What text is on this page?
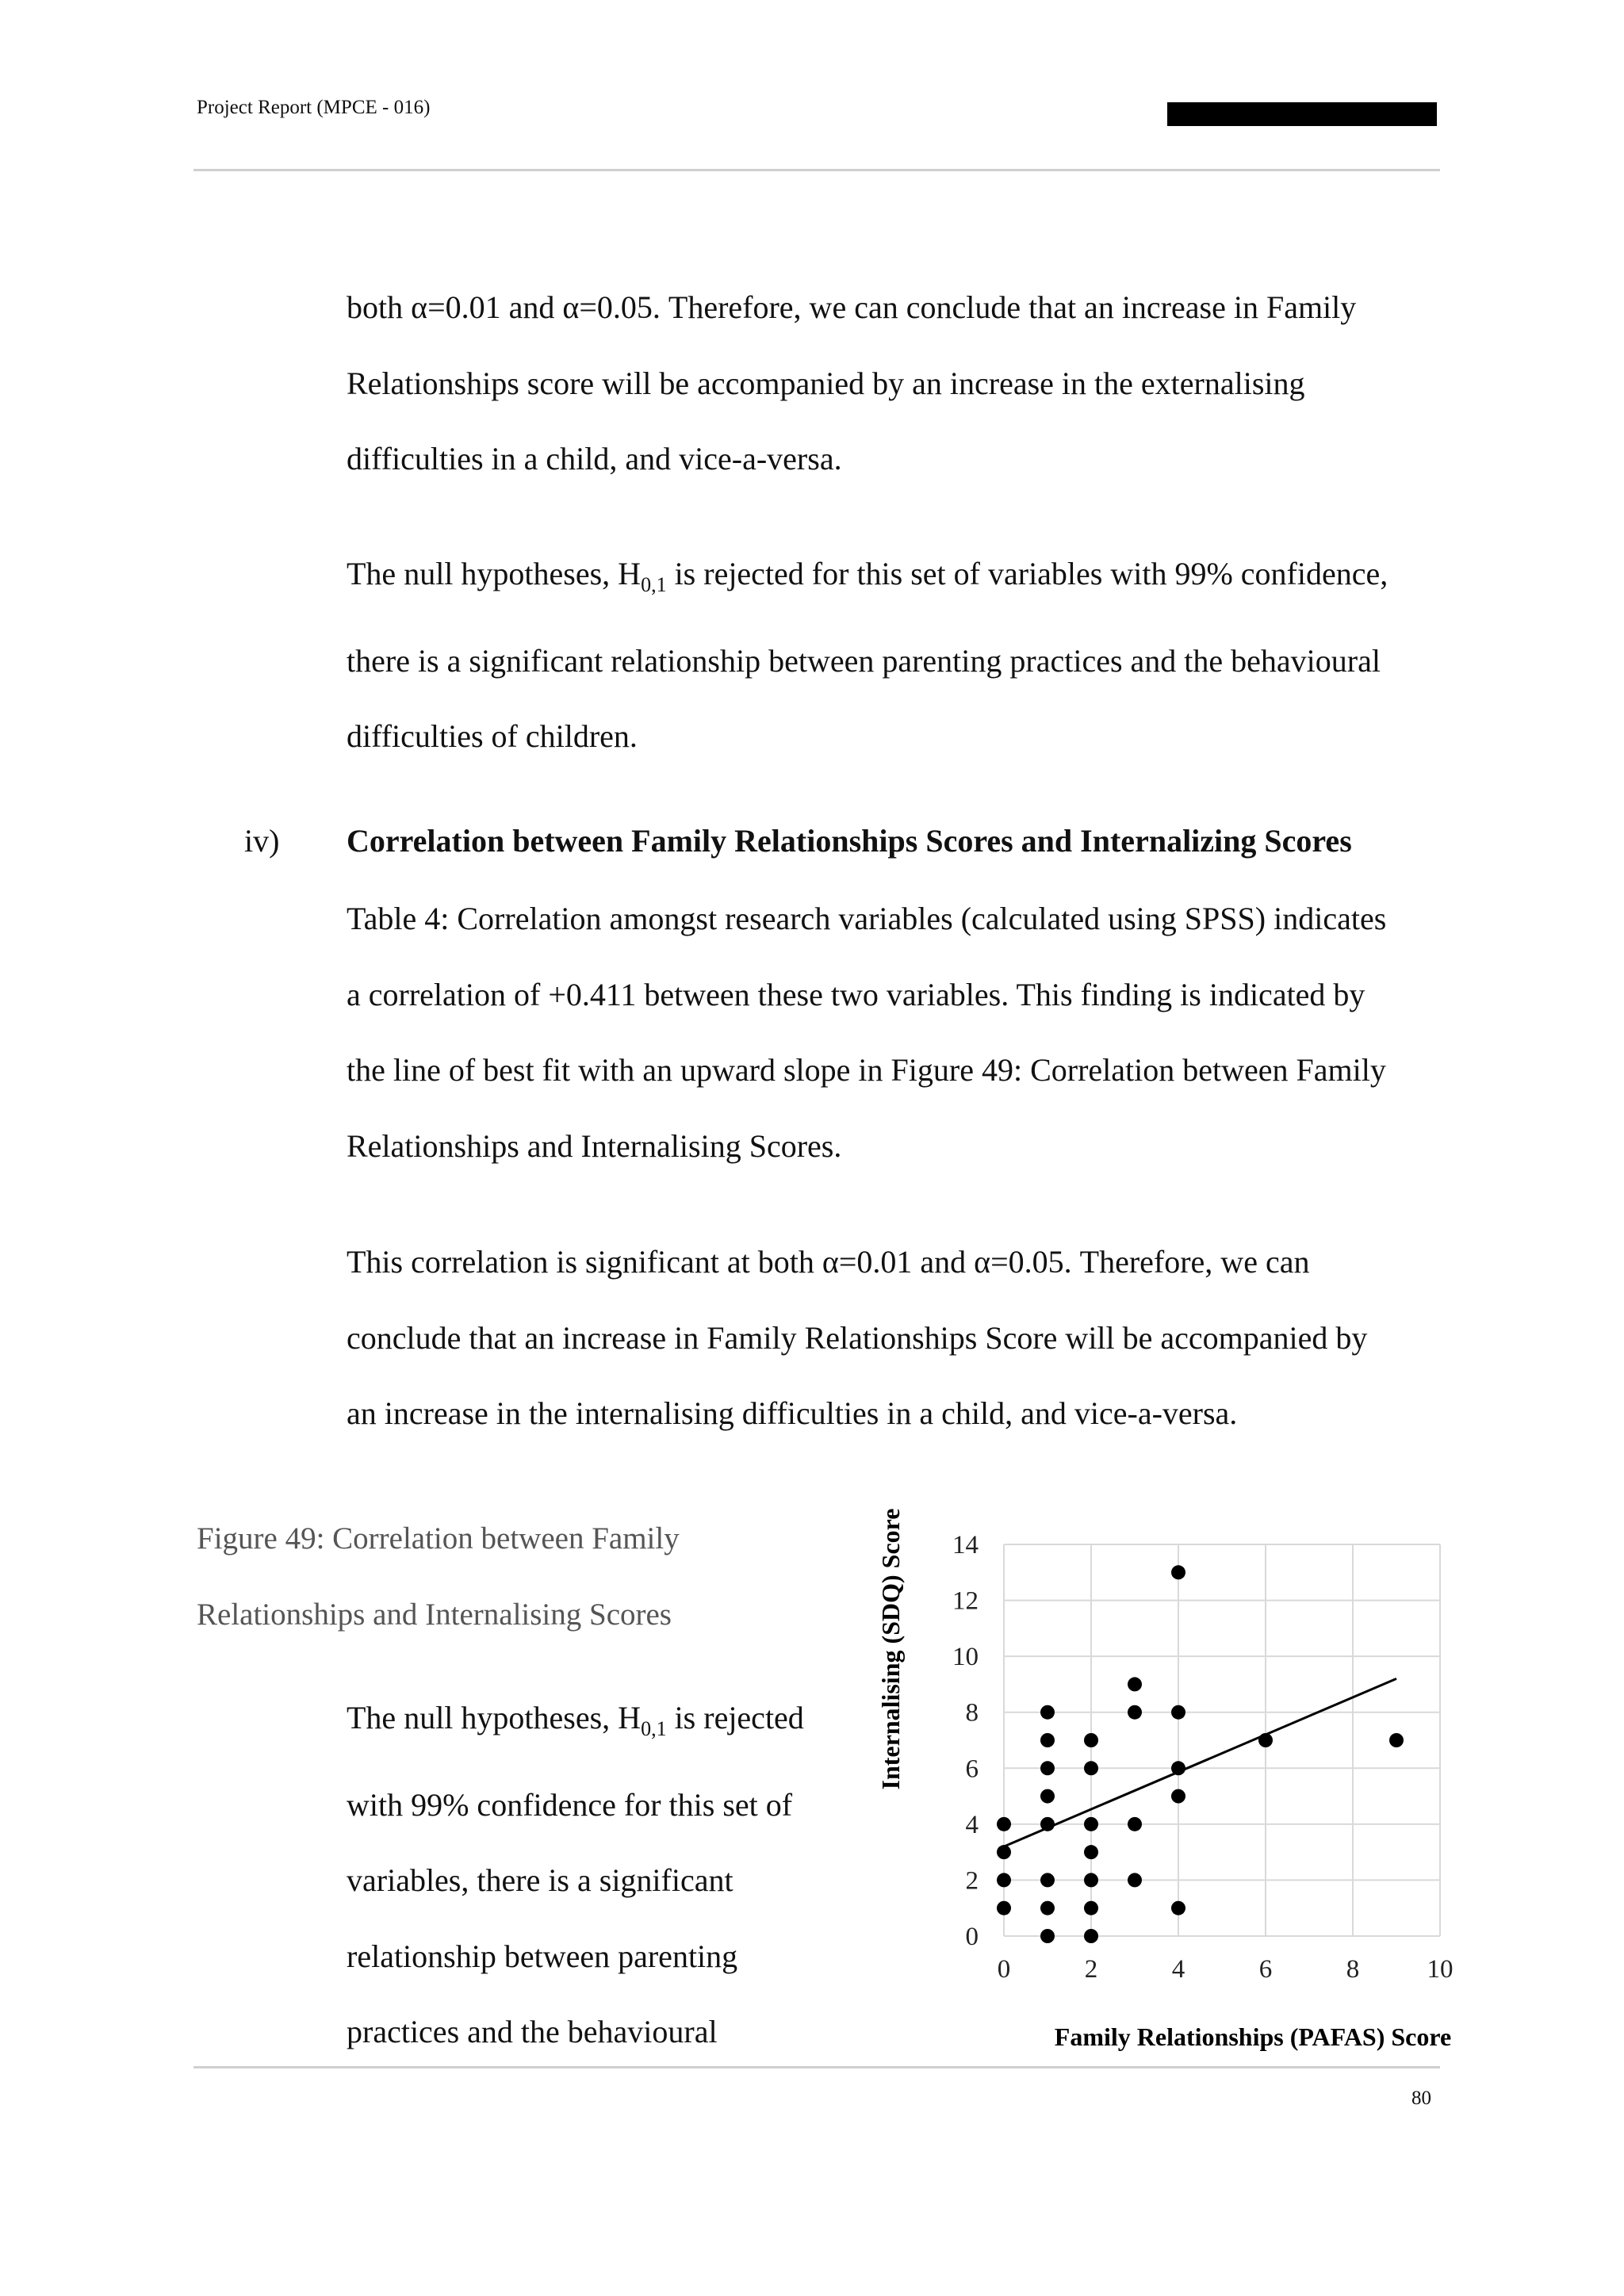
Project Report (MPCE - 016)

both α=0.01 and α=0.05. Therefore, we can conclude that an increase in Family
Relationships score will be accompanied by an increase in the externalising
difficulties in a child, and vice-a-versa.

The null hypotheses, $H_{0,1}$ is rejected for this set of variables with 99% confidence,
there is a significant relationship between parenting practices and the behavioural
difficulties of children.

iv) Correlation between Family Relationships Scores and Internalizing Scores

Table 4: Correlation amongst research variables (calculated using SPSS) indicates
a correlation of +0.411 between these two variables. This finding is indicated by
the line of best fit with an upward slope in Figure 49: Correlation between Family
Relationships and Internalising Scores.

This correlation is significant at both α=0.01 and α=0.05. Therefore, we can
conclude that an increase in Family Relationships Score will be accompanied by
an increase in the internalising difficulties in a child, and vice-a-versa.

Figure 49: Correlation between Family
Relationships and Internalising Scores

The null hypotheses, $H_{0,1}$ is rejected
with 99% confidence for this set of
variables, there is a significant
relationship between parenting
practices and the behavioural

0
2
4
6
8
10
12
14
0	2	4	6	8	10
Internalising (SDQ) Score
Family Relationships (PAFAS) Score
80
